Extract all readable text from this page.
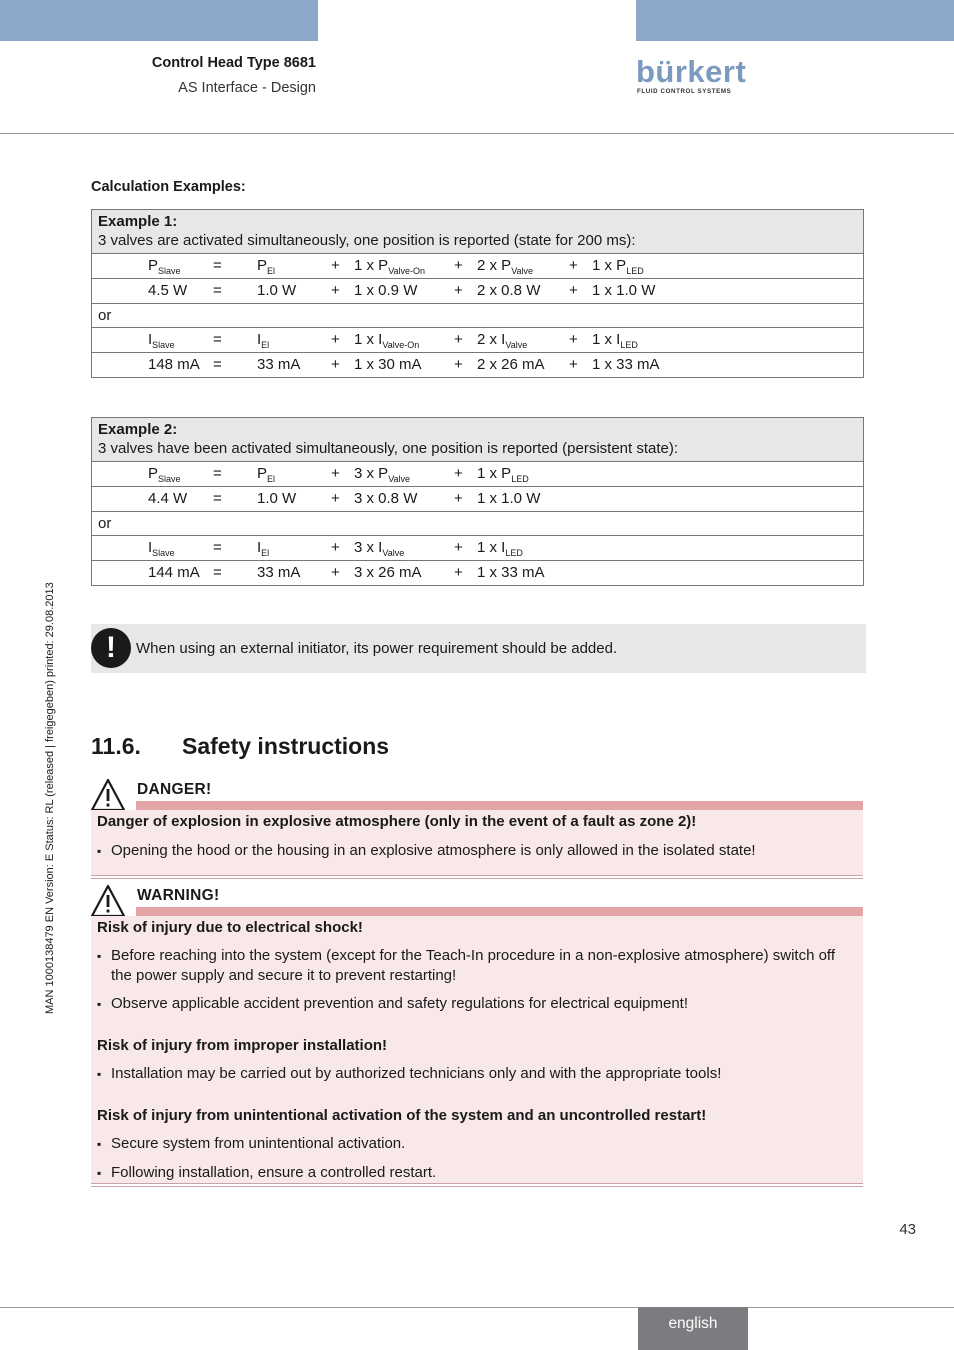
Control Head Type 8681
AS Interface - Design	bürkert
FLUID CONTROL SYSTEMS
MAN 1000138479 EN Version: E Status: RL (released | freigegeben) printed: 29.08.2013
Calculation Examples:
Example 1:
3 valves are activated simultaneously, one position is reported (state for 200 ms):

$P_{Slave} = P_{El}$	+ 1 x $P_{Valve-On} + 2$ x $P_{Valve} + 1$ x $P_{LED}$

4.5 W = 1.0 W + 1 x 0.9 W + 2 x 0.8 W + 1 x 1.0 W

or

$I_{Slave}$	= $I_{El}$	+ 1 x $I_{Valve-On} + 2$ x $I_{Valve}$	+ 1 x $I_{LED}$

148 mA = 33 mA + 1 x 30 mA + 2 x 26 mA + 1 x 33 mA
Example 2:
3 valves have been activated simultaneously, one position is reported (persistent state):

$P_{Slave} = P_{El}$	+ 3 x $P_{Valve}$	+ 1 x $P_{LED}$

4.4 W = 1.0 W + 3 x 0.8 W + 1 x 1.0 W

or

$I_{Slave}$	= $I_{El}$	+ 3 x $I_{Valve}$	+ 1 x $I_{LED}$

144 mA = 33 mA + 3 x 26 mA + 1 x 33 mA
!	When using an external initiator, its power requirement should be added.
11.6. Safety instructions
DANGER!
Danger of explosion in explosive atmosphere (only in the event of a fault as zone 2)!
▪ Opening the hood or the housing in an explosive atmosphere is only allowed in the isolated state!
WARNING!
Risk of injury due to electrical shock!
▪ Before reaching into the system (except for the Teach-In procedure in a non-explosive atmosphere) switch off
the power supply and secure it to prevent restarting!
▪ Observe applicable accident prevention and safety regulations for electrical equipment!
Risk of injury from improper installation!
▪ Installation may be carried out by authorized technicians only and with the appropriate tools!
Risk of injury from unintentional activation of the system and an uncontrolled restart!
▪ Secure system from unintentional activation.
▪ Following installation, ensure a controlled restart.
43
english
